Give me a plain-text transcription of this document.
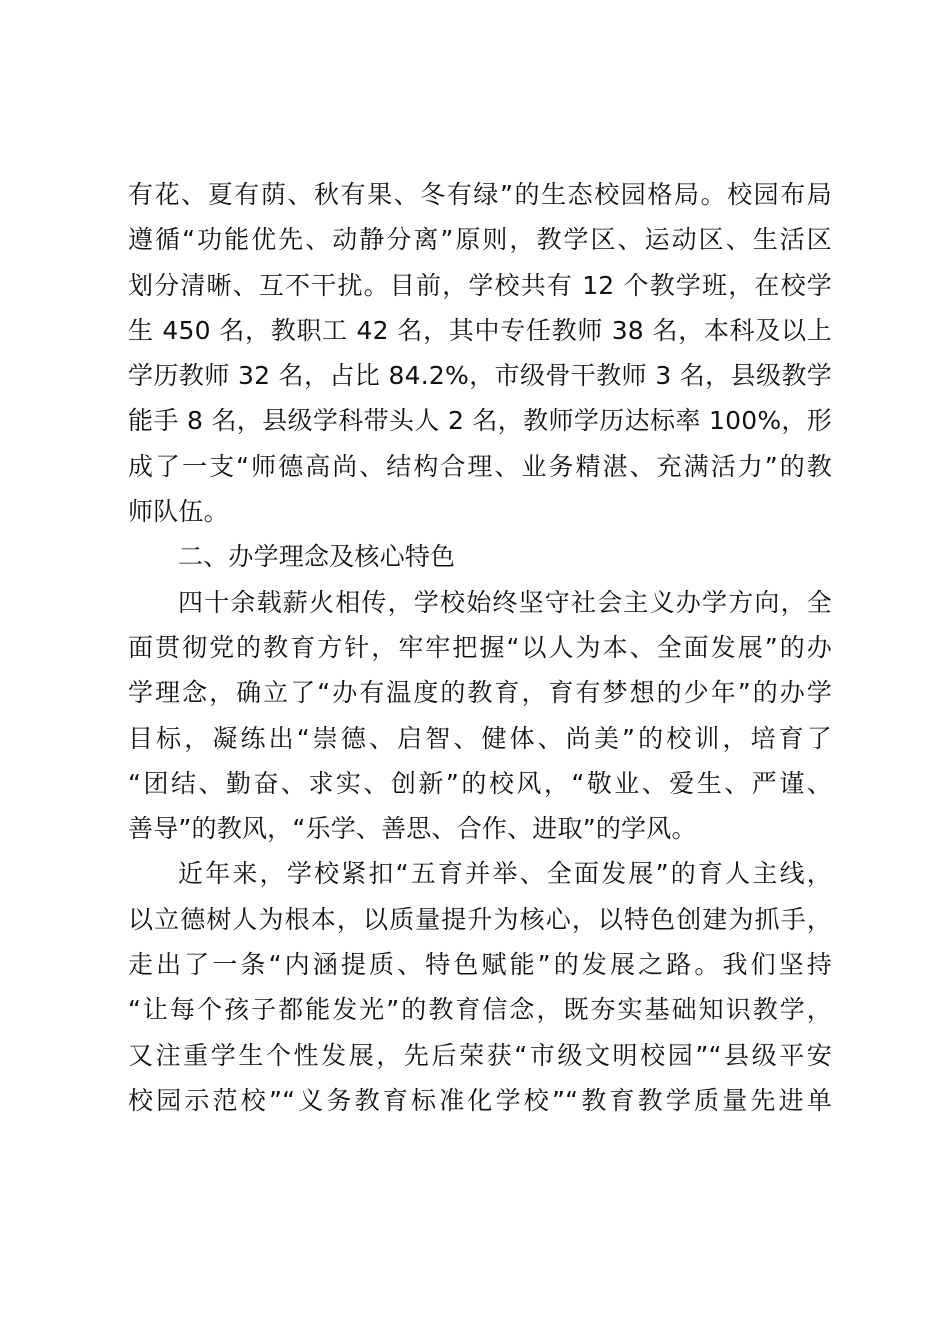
有花、夏有荫、秋有果、冬有绿”的生态校园格局。校园布局
遵循“功能优先、动静分离”原则，教学区、运动区、生活区
划分清晰、互不干扰。目前，学校共有 12 个教学班，在校学
生 450 名，教职工 42 名，其中专任教师 38 名，本科及以上
学历教师 32 名，占比 84.2%，市级骨干教师 3 名，县级教学
能手 8 名，县级学科带头人 2 名，教师学历达标率 100%，形
成了一支“师德高尚、结构合理、业务精湛、充满活力”的教
师队伍。
二、办学理念及核心特色
四十余载薪火相传，学校始终坚守社会主义办学方向，全
面贯彻党的教育方针，牢牢把握“以人为本、全面发展”的办
学理念，确立了“办有温度的教育，育有梦想的少年”的办学
目标，凝练出“崇德、启智、健体、尚美”的校训，培育了
“团结、勤奋、求实、创新”的校风，“敬业、爱生、严谨、
善导”的教风，“乐学、善思、合作、进取”的学风。
近年来，学校紧扣“五育并举、全面发展”的育人主线，
以立德树人为根本，以质量提升为核心，以特色创建为抓手，
走出了一条“内涵提质、特色赋能”的发展之路。我们坚持
“让每个孩子都能发光”的教育信念，既夯实基础知识教学，
又注重学生个性发展，先后荣获“市级文明校园”“县级平安
校园示范校”“义务教育标准化学校”“教育教学质量先进单
